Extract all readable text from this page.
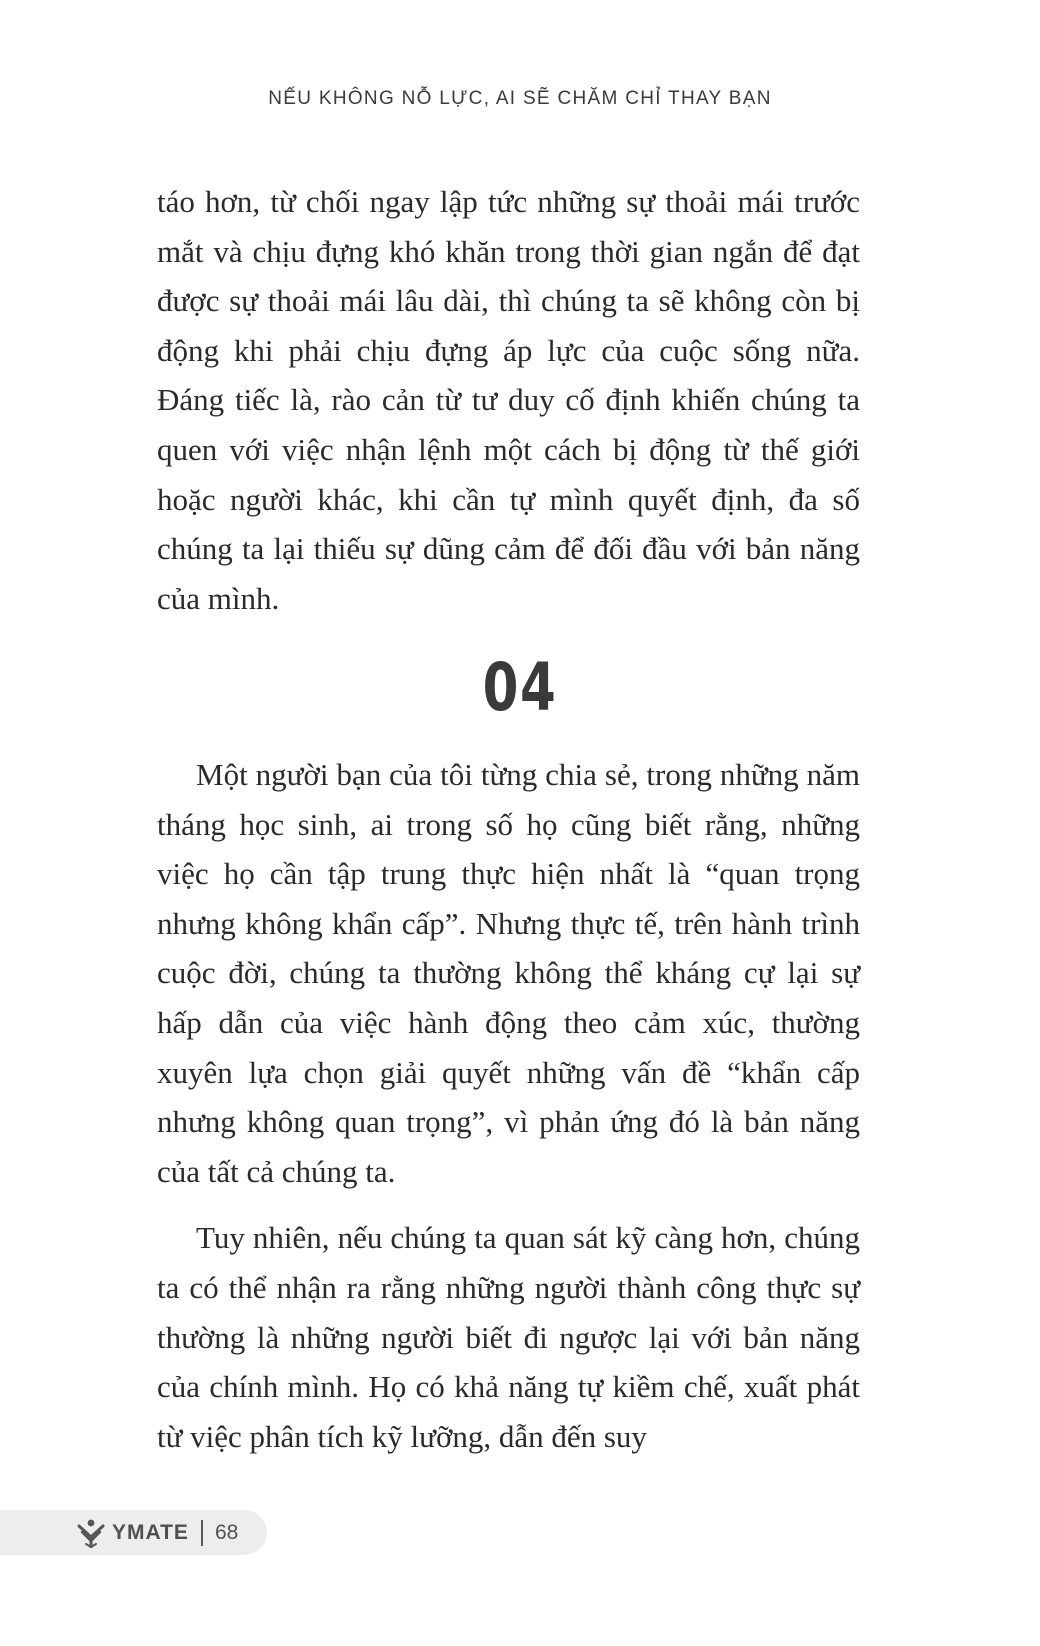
NẾU KHÔNG NỖ LỰC, AI SẼ CHĂM CHỈ THAY BẠN

táo hơn, từ chối ngay lập tức những sự thoải mái trước mắt và chịu đựng khó khăn trong thời gian ngắn để đạt được sự thoải mái lâu dài, thì chúng ta sẽ không còn bị động khi phải chịu đựng áp lực của cuộc sống nữa. Đáng tiếc là, rào cản từ tư duy cố định khiến chúng ta quen với việc nhận lệnh một cách bị động từ thế giới hoặc người khác, khi cần tự mình quyết định, đa số chúng ta lại thiếu sự dũng cảm để đối đầu với bản năng của mình.

04

Một người bạn của tôi từng chia sẻ, trong những năm tháng học sinh, ai trong số họ cũng biết rằng, những việc họ cần tập trung thực hiện nhất là “quan trọng nhưng không khẩn cấp”. Nhưng thực tế, trên hành trình cuộc đời, chúng ta thường không thể kháng cự lại sự hấp dẫn của việc hành động theo cảm xúc, thường xuyên lựa chọn giải quyết những vấn đề “khẩn cấp nhưng không quan trọng”, vì phản ứng đó là bản năng của tất cả chúng ta.

Tuy nhiên, nếu chúng ta quan sát kỹ càng hơn, chúng ta có thể nhận ra rằng những người thành công thực sự thường là những người biết đi ngược lại với bản năng của chính mình. Họ có khả năng tự kiềm chế, xuất phát từ việc phân tích kỹ lưỡng, dẫn đến suy

YMATE 68
